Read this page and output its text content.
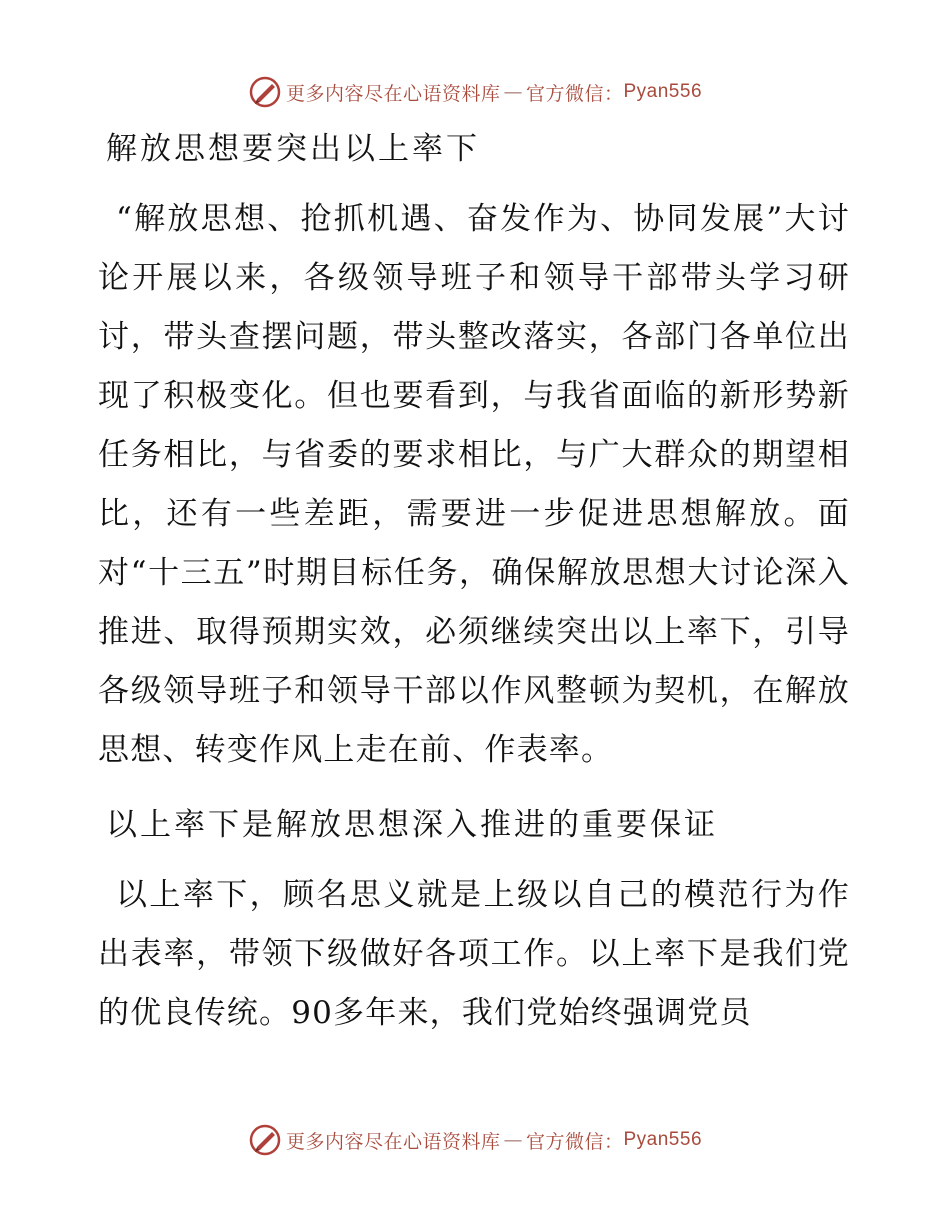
更多内容尽在心语资料库 — 官方微信： Pyan556
解放思想要突出以上率下

“解放思想、抢抓机遇、奋发作为、协同发展”大讨论开展以来，各级领导班子和领导干部带头学习研讨，带头查摆问题，带头整改落实，各部门各单位出现了积极变化。但也要看到，与我省面临的新形势新任务相比，与省委的要求相比，与广大群众的期望相比，还有一些差距，需要进一步促进思想解放。面对“十三五”时期目标任务，确保解放思想大讨论深入推进、取得预期实效，必须继续突出以上率下，引导各级领导班子和领导干部以作风整顿为契机，在解放思想、转变作风上走在前、作表率。

以上率下是解放思想深入推进的重要保证

以上率下，顾名思义就是上级以自己的模范行为作出表率，带领下级做好各项工作。以上率下是我们党的优良传统。90多年来，我们党始终强调党员

更多内容尽在心语资料库 — 官方微信： Pyan556
